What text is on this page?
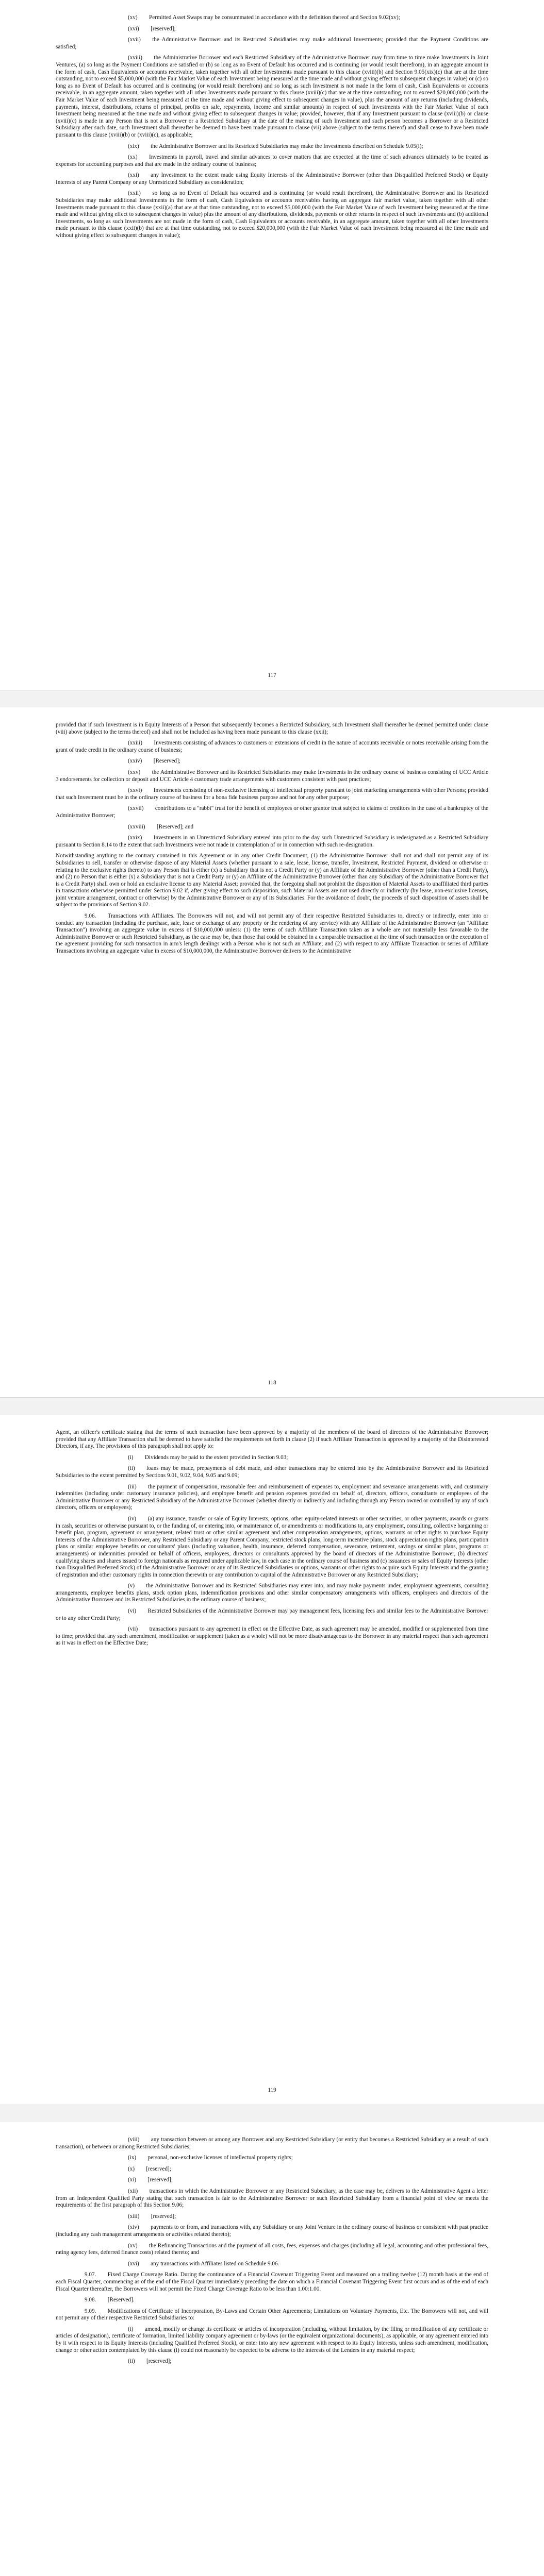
(xv)  Permitted Asset Swaps may be consummated in accordance with the definition thereof and Section 9.02(xv);

(xvi)  [reserved];

(xvii)  the Administrative Borrower and its Restricted Subsidiaries may make additional Investments; provided that the Payment Conditions are satisfied;

(xviii)  the Administrative Borrower and each Restricted Subsidiary of the Administrative Borrower may from time to time make Investments in Joint Ventures, (a) so long as the Payment Conditions are satisfied or (b) so long as no Event of Default has occurred and is continuing (or would result therefrom), in an aggregate amount in the form of cash, Cash Equivalents or accounts receivable, taken together with all other Investments made pursuant to this clause (xviii)(b) and Section 9.05(xix)(c) that are at the time outstanding, not to exceed $5,000,000 (with the Fair Market Value of each Investment being measured at the time made and without giving effect to subsequent changes in value) or (c) so long as no Event of Default has occurred and is continuing (or would result therefrom) and so long as such Investment is not made in the form of cash, Cash Equivalents or accounts receivable, in an aggregate amount, taken together with all other Investments made pursuant to this clause (xviii)(c) that are at the time outstanding, not to exceed $20,000,000 (with the Fair Market Value of each Investment being measured at the time made and without giving effect to subsequent changes in value), plus the amount of any returns (including dividends, payments, interest, distributions, returns of principal, profits on sale, repayments, income and similar amounts) in respect of such Investments with the Fair Market Value of each Investment being measured at the time made and without giving effect to subsequent changes in value; provided, however, that if any Investment pursuant to clause (xviii)(b) or clause (xviii)(c) is made in any Person that is not a Borrower or a Restricted Subsidiary at the date of the making of such Investment and such person becomes a Borrower or a Restricted Subsidiary after such date, such Investment shall thereafter be deemed to have been made pursuant to clause (vii) above (subject to the terms thereof) and shall cease to have been made pursuant to this clause (xviii)(b) or (xviii)(c), as applicable;

(xix)  the Administrative Borrower and its Restricted Subsidiaries may make the Investments described on Schedule 9.05(l);

(xx)  Investments in payroll, travel and similar advances to cover matters that are expected at the time of such advances ultimately to be treated as expenses for accounting purposes and that are made in the ordinary course of business;

(xxi)  any Investment to the extent made using Equity Interests of the Administrative Borrower (other than Disqualified Preferred Stock) or Equity Interests of any Parent Company or any Unrestricted Subsidiary as consideration;

(xxii)  so long as no Event of Default has occurred and is continuing (or would result therefrom), the Administrative Borrower and its Restricted Subsidiaries may make additional Investments in the form of cash, Cash Equivalents or accounts receivables having an aggregate fair market value, taken together with all other Investments made pursuant to this clause (xxii)(a) that are at that time outstanding, not to exceed $5,000,000 (with the Fair Market Value of each Investment being measured at the time made and without giving effect to subsequent changes in value) plus the amount of any distributions, dividends, payments or other returns in respect of such Investments and (b) additional Investments, so long as such Investments are not made in the form of cash, Cash Equivalents or accounts receivable, in an aggregate amount, taken together with all other Investments made pursuant to this clause (xxii)(b) that are at that time outstanding, not to exceed $20,000,000 (with the Fair Market Value of each Investment being measured at the time made and without giving effect to subsequent changes in value);

117

provided that if such Investment is in Equity Interests of a Person that subsequently becomes a Restricted Subsidiary, such Investment shall thereafter be deemed permitted under clause (viii) above (subject to the terms thereof) and shall not be included as having been made pursuant to this clause (xxii);

(xxiii)  Investments consisting of advances to customers or extensions of credit in the nature of accounts receivable or notes receivable arising from the grant of trade credit in the ordinary course of business;

(xxiv)  [Reserved];

(xxv)  the Administrative Borrower and its Restricted Subsidiaries may make Investments in the ordinary course of business consisting of UCC Article 3 endorsements for collection or deposit and UCC Article 4 customary trade arrangements with customers consistent with past practices;

(xxvi)  Investments consisting of non-exclusive licensing of intellectual property pursuant to joint marketing arrangements with other Persons; provided that such Investment must be in the ordinary course of business for a bona fide business purpose and not for any other purpose;

(xxvii)  contributions to a "rabbi" trust for the benefit of employees or other grantor trust subject to claims of creditors in the case of a bankruptcy of the Administrative Borrower;

(xxviii)  [Reserved]; and

(xxix)  Investments in an Unrestricted Subsidiary entered into prior to the day such Unrestricted Subsidiary is redesignated as a Restricted Subsidiary pursuant to Section 8.14 to the extent that such Investments were not made in contemplation of or in connection with such re-designation.

Notwithstanding anything to the contrary contained in this Agreement or in any other Credit Document, (1) the Administrative Borrower shall not and shall not permit any of its Subsidiaries to sell, transfer or otherwise dispose of any Material Assets (whether pursuant to a sale, lease, license, transfer, Investment, Restricted Payment, dividend or otherwise or relating to the exclusive rights thereto) to any Person that is either (x) a Subsidiary that is not a Credit Party or (y) an Affiliate of the Administrative Borrower (other than a Credit Party), and (2) no Person that is either (x) a Subsidiary that is not a Credit Party or (y) an Affiliate of the Administrative Borrower (other than any Subsidiary of the Administrative Borrower that is a Credit Party) shall own or hold an exclusive license to any Material Asset; provided that, the foregoing shall not prohibit the disposition of Material Assets to unaffiliated third parties in transactions otherwise permitted under Section 9.02 if, after giving effect to such disposition, such Material Assets are not used directly or indirectly (by lease, non-exclusive licenses, joint venture arrangement, contract or otherwise) by the Administrative Borrower or any of its Subsidiaries. For the avoidance of doubt, the proceeds of such disposition of assets shall be subject to the provisions of Section 9.02.

9.06.  Transactions with Affiliates. The Borrowers will not, and will not permit any of their respective Restricted Subsidiaries to, directly or indirectly, enter into or conduct any transaction (including the purchase, sale, lease or exchange of any property or the rendering of any service) with any Affiliate of the Administrative Borrower (an "Affiliate Transaction") involving an aggregate value in excess of $10,000,000 unless: (1) the terms of such Affiliate Transaction taken as a whole are not materially less favorable to the Administrative Borrower or such Restricted Subsidiary, as the case may be, than those that could be obtained in a comparable transaction at the time of such transaction or the execution of the agreement providing for such transaction in arm's length dealings with a Person who is not such an Affiliate; and (2) with respect to any Affiliate Transaction or series of Affiliate Transactions involving an aggregate value in excess of $10,000,000, the Administrative Borrower delivers to the Administrative

118

Agent, an officer's certificate stating that the terms of such transaction have been approved by a majority of the members of the board of directors of the Administrative Borrower; provided that any Affiliate Transaction shall be deemed to have satisfied the requirements set forth in clause (2) if such Affiliate Transaction is approved by a majority of the Disinterested Directors, if any. The provisions of this paragraph shall not apply to:

(i)  Dividends may be paid to the extent provided in Section 9.03;

(ii)  loans may be made, prepayments of debt made, and other transactions may be entered into by the Administrative Borrower and its Restricted Subsidiaries to the extent permitted by Sections 9.01, 9.02, 9.04, 9.05 and 9.09;

(iii)  the payment of compensation, reasonable fees and reimbursement of expenses to, employment and severance arrangements with, and customary indemnities (including under customary insurance policies), and employee benefit and pension expenses provided on behalf of, directors, officers, consultants or employees of the Administrative Borrower or any Restricted Subsidiary of the Administrative Borrower (whether directly or indirectly and including through any Person owned or controlled by any of such directors, officers or employees);

(iv)  (a) any issuance, transfer or sale of Equity Interests, options, other equity-related interests or other securities, or other payments, awards or grants in cash, securities or otherwise pursuant to, or the funding of, or entering into, or maintenance of, or amendments or modifications to, any employment, consulting, collective bargaining or benefit plan, program, agreement or arrangement, related trust or other similar agreement and other compensation arrangements, options, warrants or other rights to purchase Equity Interests of the Administrative Borrower, any Restricted Subsidiary or any Parent Company, restricted stock plans, long-term incentive plans, stock appreciation rights plans, participation plans or similar employee benefits or consultants' plans (including valuation, health, insurance, deferred compensation, severance, retirement, savings or similar plans, programs or arrangements) or indemnities provided on behalf of officers, employees, directors or consultants approved by the board of directors of the Administrative Borrower, (b) directors' qualifying shares and shares issued to foreign nationals as required under applicable law, in each case in the ordinary course of business and (c) issuances or sales of Equity Interests (other than Disqualified Preferred Stock) of the Administrative Borrower or any of its Restricted Subsidiaries or options, warrants or other rights to acquire such Equity Interests and the granting of registration and other customary rights in connection therewith or any contribution to capital of the Administrative Borrower or any Restricted Subsidiary;

(v)  the Administrative Borrower and its Restricted Subsidiaries may enter into, and may make payments under, employment agreements, consulting arrangements, employee benefits plans, stock option plans, indemnification provisions and other similar compensatory arrangements with officers, employees and directors of the Administrative Borrower and its Restricted Subsidiaries in the ordinary course of business;

(vi)  Restricted Subsidiaries of the Administrative Borrower may pay management fees, licensing fees and similar fees to the Administrative Borrower or to any other Credit Party;

(vii)  transactions pursuant to any agreement in effect on the Effective Date, as such agreement may be amended, modified or supplemented from time to time; provided that any such amendment, modification or supplement (taken as a whole) will not be more disadvantageous to the Borrower in any material respect than such agreement as it was in effect on the Effective Date;

119

(viii)  any transaction between or among any Borrower and any Restricted Subsidiary (or entity that becomes a Restricted Subsidiary as a result of such transaction), or between or among Restricted Subsidiaries;

(ix)  personal, non-exclusive licenses of intellectual property rights;

(x)  [reserved];

(xi)  [reserved];

(xii)  transactions in which the Administrative Borrower or any Restricted Subsidiary, as the case may be, delivers to the Administrative Agent a letter from an Independent Qualified Party stating that such transaction is fair to the Administrative Borrower or such Restricted Subsidiary from a financial point of view or meets the requirements of the first paragraph of this Section 9.06;

(xiii)  [reserved];

(xiv)  payments to or from, and transactions with, any Subsidiary or any Joint Venture in the ordinary course of business or consistent with past practice (including any cash management arrangements or activities related thereto);

(xv)  the Refinancing Transactions and the payment of all costs, fees, expenses and charges (including all legal, accounting and other professional fees, rating agency fees, deferred finance costs) related thereto; and

(xvi)  any transactions with Affiliates listed on Schedule 9.06.

9.07.  Fixed Charge Coverage Ratio. During the continuance of a Financial Covenant Triggering Event and measured on a trailing twelve (12) month basis at the end of each Fiscal Quarter, commencing as of the end of the Fiscal Quarter immediately preceding the date on which a Financial Covenant Triggering Event first occurs and as of the end of each Fiscal Quarter thereafter, the Borrowers will not permit the Fixed Charge Coverage Ratio to be less than 1.00:1.00.

9.08.  [Reserved].

9.09.  Modifications of Certificate of Incorporation, By-Laws and Certain Other Agreements; Limitations on Voluntary Payments, Etc. The Borrowers will not, and will not permit any of their respective Restricted Subsidiaries to:

(i)  amend, modify or change its certificate or articles of incorporation (including, without limitation, by the filing or modification of any certificate or articles of designation), certificate of formation, limited liability company agreement or by-laws (or the equivalent organizational documents), as applicable, or any agreement entered into by it with respect to its Equity Interests (including Qualified Preferred Stock), or enter into any new agreement with respect to its Equity Interests, unless such amendment, modification, change or other action contemplated by this clause (i) could not reasonably be expected to be adverse to the interests of the Lenders in any material respect;

(ii)  [reserved];
